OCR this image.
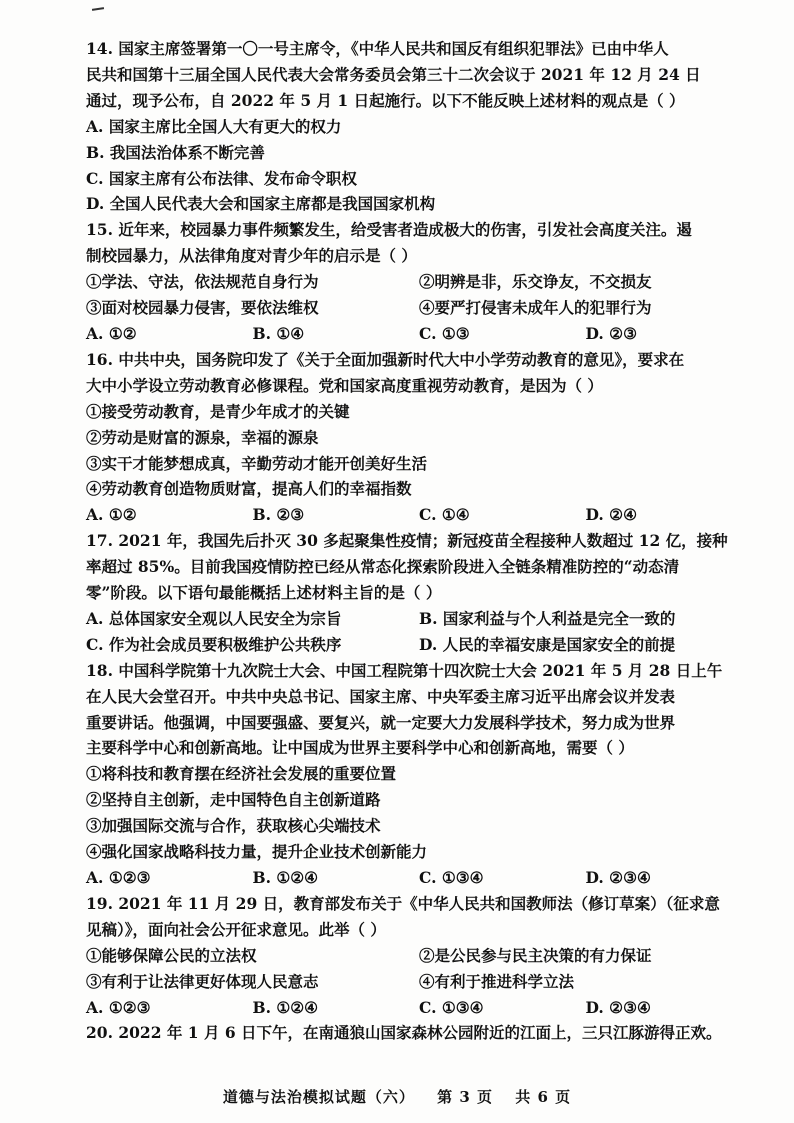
14. 国家主席签署第一〇一号主席令，《中华人民共和国反有组织犯罪法》已由中华人
民共和国第十三届全国人民代表大会常务委员会第三十二次会议于 2021 年 12 月 24 日
通过，现予公布，自 2022 年 5 月 1 日起施行。以下不能反映上述材料的观点是（ ）
A. 国家主席比全国人大有更大的权力
B. 我国法治体系不断完善
C. 国家主席有公布法律、发布命令职权
D. 全国人民代表大会和国家主席都是我国国家机构
15. 近年来，校园暴力事件频繁发生，给受害者造成极大的伤害，引发社会高度关注。遏
制校园暴力，从法律角度对青少年的启示是（ ）
①学法、守法，依法规范自身行为	②明辨是非，乐交诤友，不交损友
③面对校园暴力侵害，要依法维权	④要严打侵害未成年人的犯罪行为
A. ①②	B. ①④	C. ①③	D. ②③
16. 中共中央，国务院印发了《关于全面加强新时代大中小学劳动教育的意见》，要求在
大中小学设立劳动教育必修课程。党和国家高度重视劳动教育，是因为（ ）
①接受劳动教育，是青少年成才的关键
②劳动是财富的源泉，幸福的源泉
③实干才能梦想成真，辛勤劳动才能开创美好生活
④劳动教育创造物质财富，提高人们的幸福指数
A. ①②	B. ②③	C. ①④	D. ②④
17. 2021 年，我国先后扑灭 30 多起聚集性疫情；新冠疫苗全程接种人数超过 12 亿，接种
率超过 85%。目前我国疫情防控已经从常态化探索阶段进入全链条精准防控的“动态清
零”阶段。以下语句最能概括上述材料主旨的是（ ）
A. 总体国家安全观以人民安全为宗旨	B. 国家利益与个人利益是完全一致的
C. 作为社会成员要积极维护公共秩序	D. 人民的幸福安康是国家安全的前提
18. 中国科学院第十九次院士大会、中国工程院第十四次院士大会 2021 年 5 月 28 日上午
在人民大会堂召开。中共中央总书记、国家主席、中央军委主席习近平出席会议并发表
重要讲话。他强调，中国要强盛、要复兴，就一定要大力发展科学技术，努力成为世界
主要科学中心和创新高地。让中国成为世界主要科学中心和创新高地，需要（ ）
①将科技和教育摆在经济社会发展的重要位置
②坚持自主创新，走中国特色自主创新道路
③加强国际交流与合作，获取核心尖端技术
④强化国家战略科技力量，提升企业技术创新能力
A. ①②③	B. ①②④	C. ①③④	D. ②③④
19. 2021 年 11 月 29 日，教育部发布关于《中华人民共和国教师法（修订草案）（征求意
见稿）》，面向社会公开征求意见。此举（ ）
①能够保障公民的立法权	②是公民参与民主决策的有力保证
③有利于让法律更好体现人民意志	④有利于推进科学立法
A. ①②③	B. ①②④	C. ①③④	D. ②③④
20. 2022 年 1 月 6 日下午，在南通狼山国家森林公园附近的江面上，三只江豚游得正欢。
道德与法治模拟试题（六） 第 3 页 共 6 页
